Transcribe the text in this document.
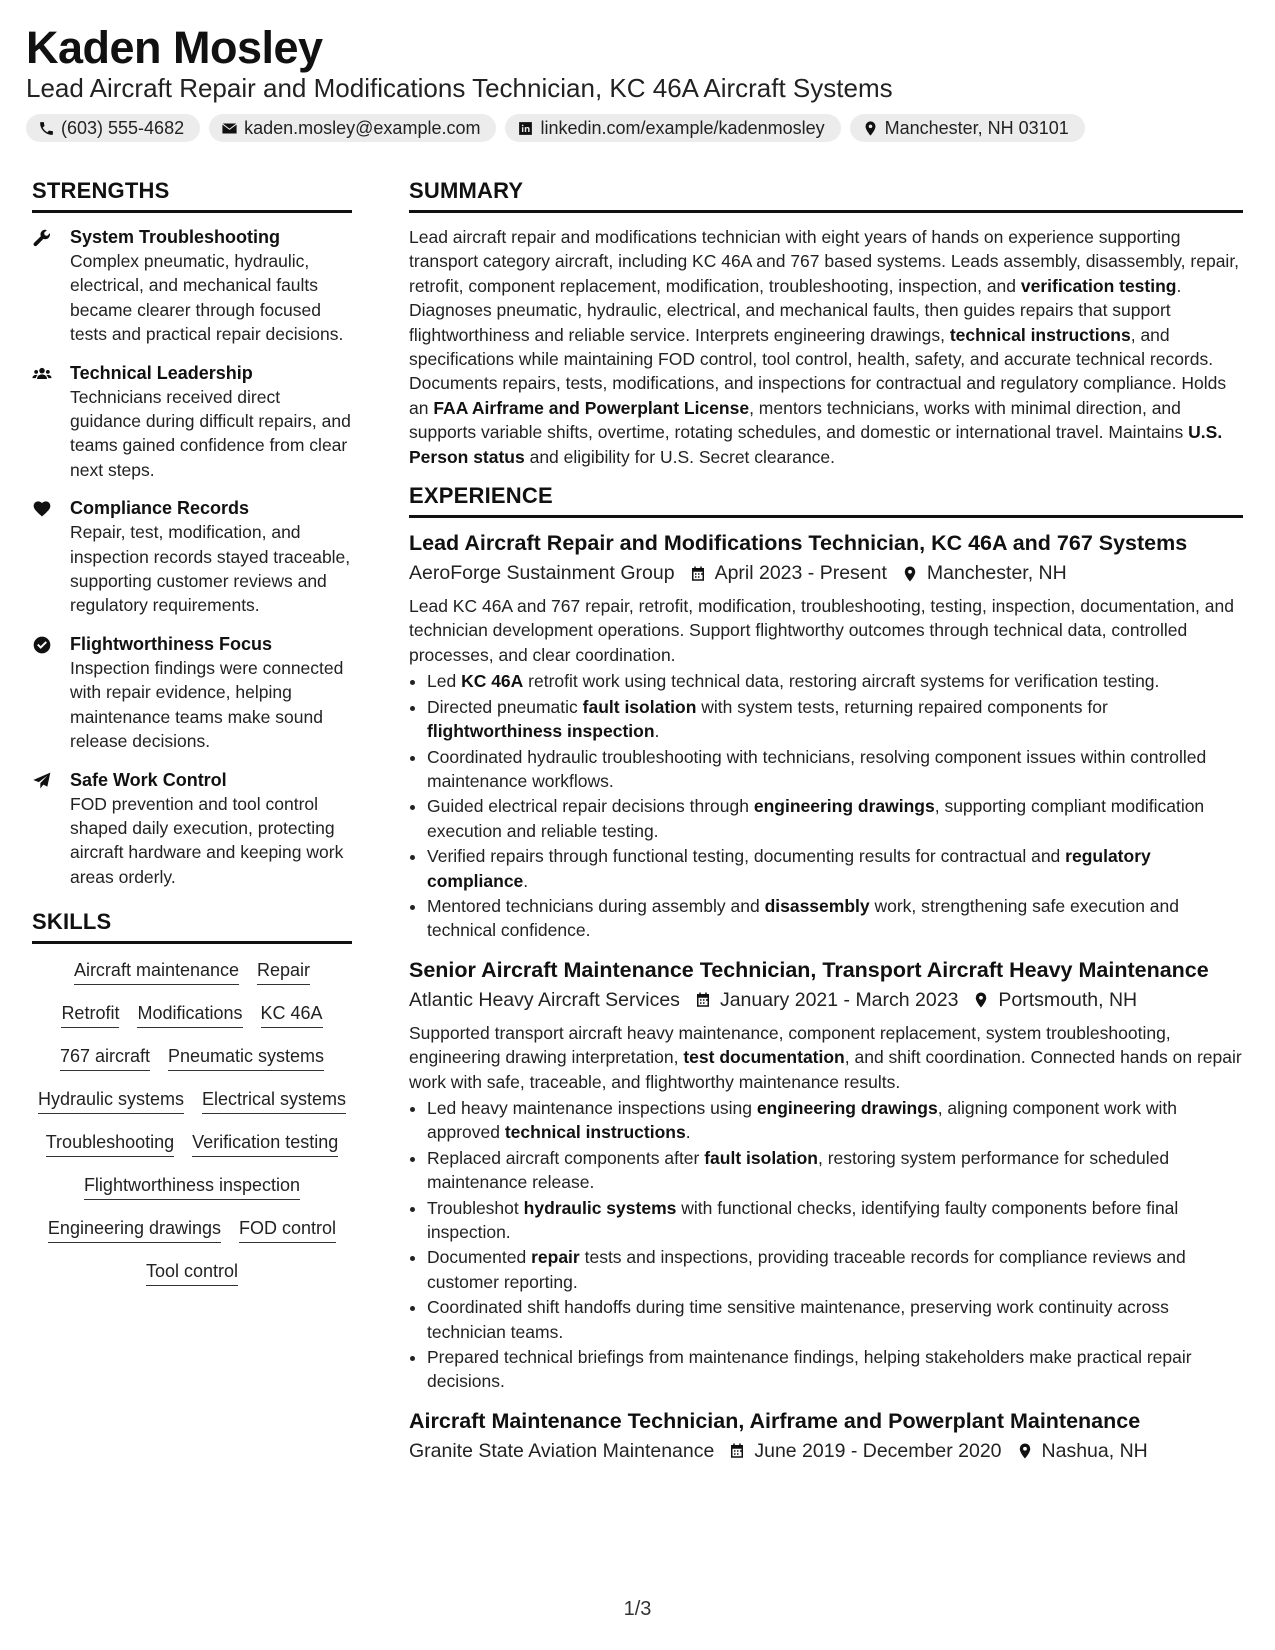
Kaden Mosley
Lead Aircraft Repair and Modifications Technician, KC 46A Aircraft Systems
(603) 555-4682	kaden.mosley@example.com	linkedin.com/example/kadenmosley	Manchester, NH 03101
STRENGTHS
System Troubleshooting
Complex pneumatic, hydraulic, electrical, and mechanical faults became clearer through focused tests and practical repair decisions.
Technical Leadership
Technicians received direct guidance during difficult repairs, and teams gained confidence from clear next steps.
Compliance Records
Repair, test, modification, and inspection records stayed traceable, supporting customer reviews and regulatory requirements.
Flightworthiness Focus
Inspection findings were connected with repair evidence, helping maintenance teams make sound release decisions.
Safe Work Control
FOD prevention and tool control shaped daily execution, protecting aircraft hardware and keeping work areas orderly.
SKILLS
Aircraft maintenance Repair
Retrofit Modifications KC 46A
767 aircraft Pneumatic systems
Hydraulic systems Electrical systems
Troubleshooting Verification testing
Flightworthiness inspection
Engineering drawings FOD control
Tool control
SUMMARY
Lead aircraft repair and modifications technician with eight years of hands on experience supporting transport category aircraft, including KC 46A and 767 based systems. Leads assembly, disassembly, repair, retrofit, component replacement, modification, troubleshooting, inspection, and verification testing. Diagnoses pneumatic, hydraulic, electrical, and mechanical faults, then guides repairs that support flightworthiness and reliable service. Interprets engineering drawings, technical instructions, and specifications while maintaining FOD control, tool control, health, safety, and accurate technical records. Documents repairs, tests, modifications, and inspections for contractual and regulatory compliance. Holds an FAA Airframe and Powerplant License, mentors technicians, works with minimal direction, and supports variable shifts, overtime, rotating schedules, and domestic or international travel. Maintains U.S. Person status and eligibility for U.S. Secret clearance.
EXPERIENCE
Lead Aircraft Repair and Modifications Technician, KC 46A and 767 Systems
AeroForge Sustainment Group April 2023 - Present Manchester, NH
Lead KC 46A and 767 repair, retrofit, modification, troubleshooting, testing, inspection, documentation, and technician development operations. Support flightworthy outcomes through technical data, controlled processes, and clear coordination.
• Led KC 46A retrofit work using technical data, restoring aircraft systems for verification testing.
• Directed pneumatic fault isolation with system tests, returning repaired components for flightworthiness inspection.
• Coordinated hydraulic troubleshooting with technicians, resolving component issues within controlled maintenance workflows.
• Guided electrical repair decisions through engineering drawings, supporting compliant modification execution and reliable testing.
• Verified repairs through functional testing, documenting results for contractual and regulatory compliance.
• Mentored technicians during assembly and disassembly work, strengthening safe execution and technical confidence.
Senior Aircraft Maintenance Technician, Transport Aircraft Heavy Maintenance
Atlantic Heavy Aircraft Services January 2021 - March 2023 Portsmouth, NH
Supported transport aircraft heavy maintenance, component replacement, system troubleshooting, engineering drawing interpretation, test documentation, and shift coordination. Connected hands on repair work with safe, traceable, and flightworthy maintenance results.
• Led heavy maintenance inspections using engineering drawings, aligning component work with approved technical instructions.
• Replaced aircraft components after fault isolation, restoring system performance for scheduled maintenance release.
• Troubleshot hydraulic systems with functional checks, identifying faulty components before final inspection.
• Documented repair tests and inspections, providing traceable records for compliance reviews and customer reporting.
• Coordinated shift handoffs during time sensitive maintenance, preserving work continuity across technician teams.
• Prepared technical briefings from maintenance findings, helping stakeholders make practical repair decisions.
Aircraft Maintenance Technician, Airframe and Powerplant Maintenance
Granite State Aviation Maintenance June 2019 - December 2020 Nashua, NH
1/3
